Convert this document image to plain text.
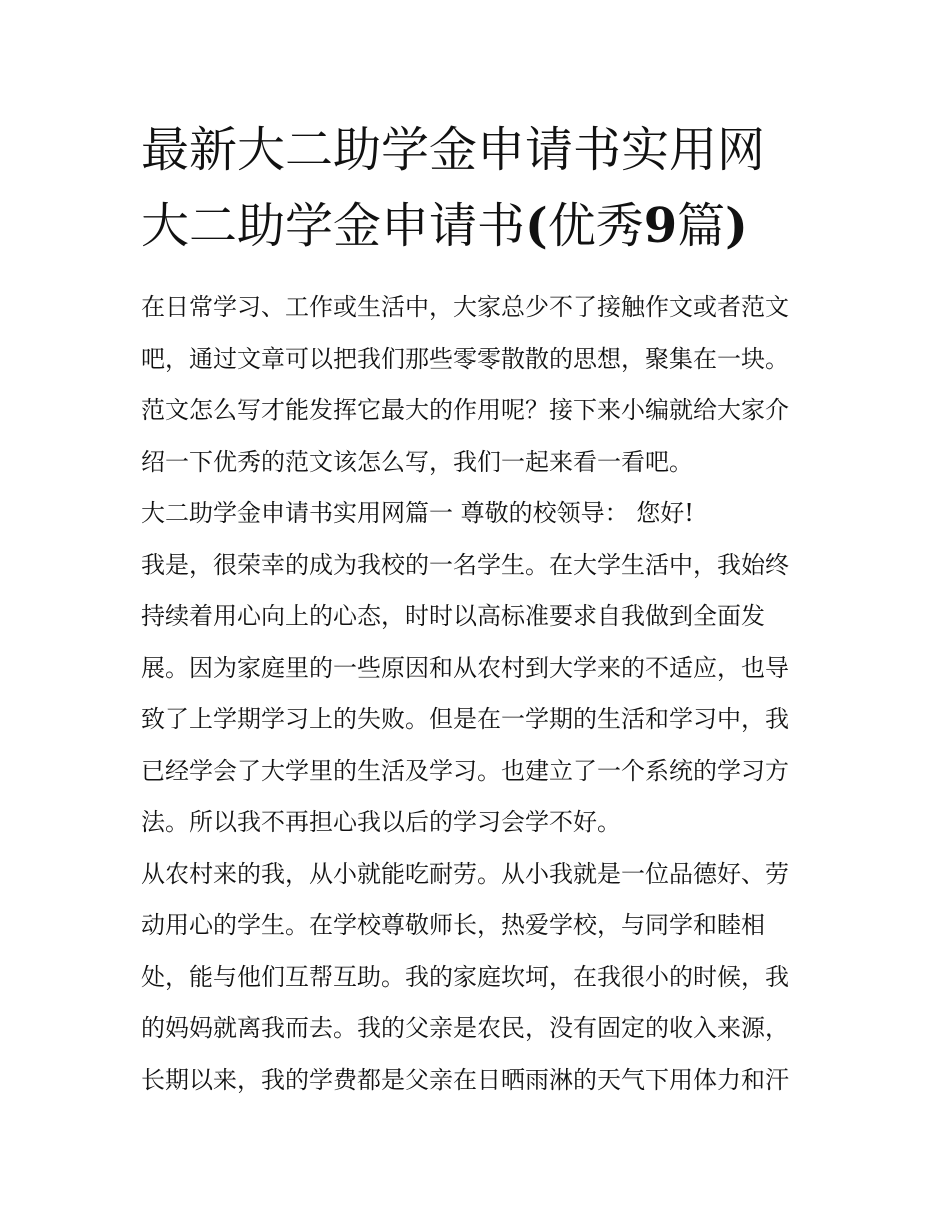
最新大二助学金申请书实用网
大二助学金申请书(优秀9篇)

在日常学习、工作或生活中，大家总少不了接触作文或者范文
吧，通过文章可以把我们那些零零散散的思想，聚集在一块。
范文怎么写才能发挥它最大的作用呢？接下来小编就给大家介
绍一下优秀的范文该怎么写，我们一起来看一看吧。

大二助学金申请书实用网篇一 尊敬的校领导： 您好!

我是，很荣幸的成为我校的一名学生。在大学生活中，我始终
持续着用心向上的心态，时时以高标准要求自我做到全面发
展。因为家庭里的一些原因和从农村到大学来的不适应，也导
致了上学期学习上的失败。但是在一学期的生活和学习中，我
已经学会了大学里的生活及学习。也建立了一个系统的学习方
法。所以我不再担心我以后的学习会学不好。

从农村来的我，从小就能吃耐劳。从小我就是一位品德好、劳
动用心的学生。在学校尊敬师长，热爱学校，与同学和睦相
处，能与他们互帮互助。我的家庭坎坷，在我很小的时候，我
的妈妈就离我而去。我的父亲是农民，没有固定的收入来源，
长期以来，我的学费都是父亲在日晒雨淋的天气下用体力和汗
